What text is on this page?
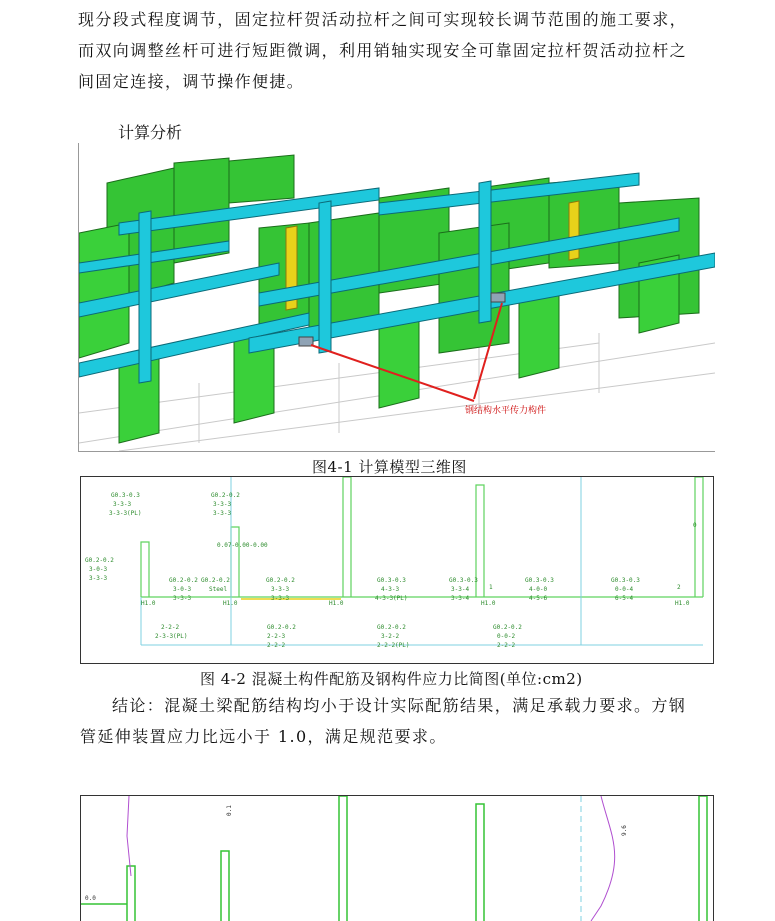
现分段式程度调节，固定拉杆贺活动拉杆之间可实现较长调节范围的施工要求，
而双向调整丝杆可进行短距微调，利用销轴实现安全可靠固定拉杆贺活动拉杆之
间固定连接，调节操作便捷。
计算分析
钢结构水平传力构件
图4-1 计算模型三维图
G0.2-0.2
3-0-3
3-3-3	G0.2-0.2
3-0-3
3-3-3
G0.2-0.2	G0.2-0.2
3-3-3
3-3-3
G0.3-0.3
4-3-3
4-3-3(PL)
G0.3-0.3
3-3-4
3-3-4
G0.3-0.3
4-0-0
4-5-6
G0.3-0.3
0-0-4
6-5-4
H1.0	H1.0	H1.0	H1.0	H1.0
1	2
0
2-2-2
2-3-3(PL)
G0.2-0.2
2-2-3
2-2-2
G0.2-0.2
3-2-2
2-2-2(PL)
G0.2-0.2
0-0-2
2-2-2
Steel
0.07-0.00-0.00
G0.3-0.3
3-3-3
3-3-3(PL)
G0.2-0.2
3-3-3
3-3-3
图 4-2 混凝土构件配筋及钢构件应力比简图(单位:cm2)
结论：混凝土梁配筋结构均小于设计实际配筋结果，满足承载力要求。方钢
管延伸装置应力比远小于 1.0，满足规范要求。
0.0
0.1
9.6
